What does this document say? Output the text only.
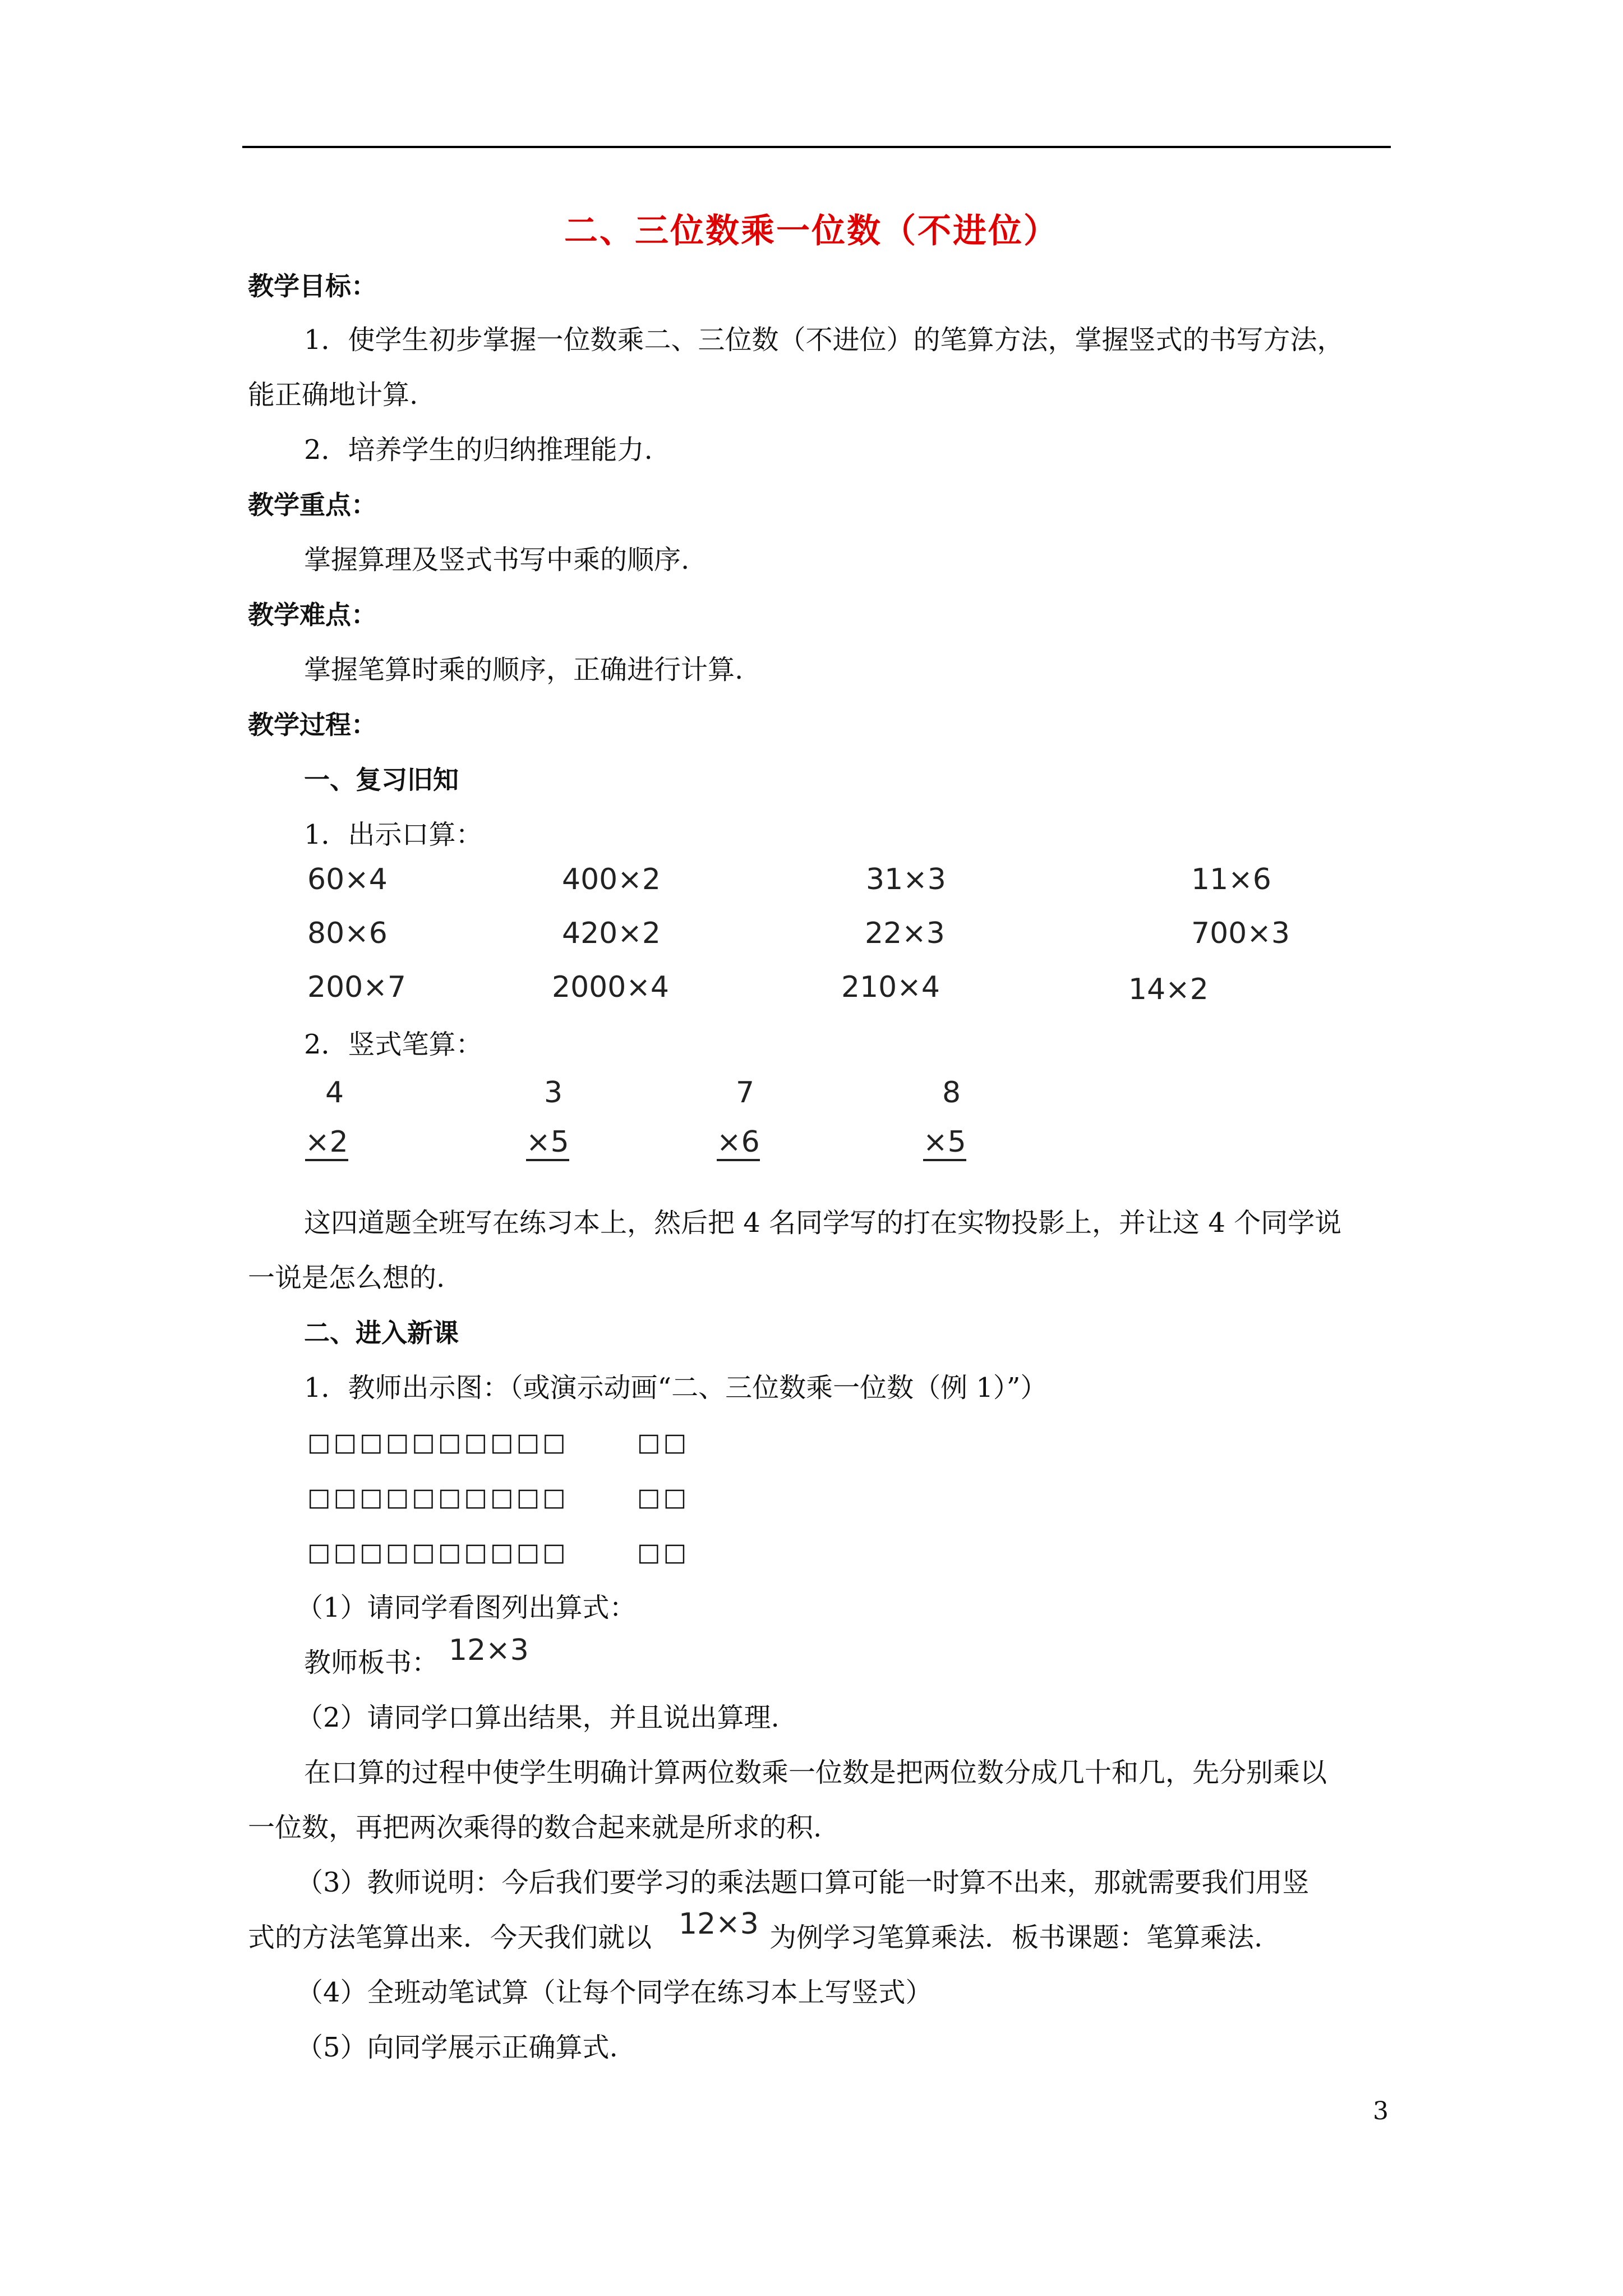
二、三位数乘一位数（不进位）
教学目标：
1．使学生初步掌握一位数乘二、三位数（不进位）的笔算方法，掌握竖式的书写方法，
能正确地计算.
2．培养学生的归纳推理能力.
教学重点：
掌握算理及竖式书写中乘的顺序.
教学难点：
掌握笔算时乘的顺序，正确进行计算.
教学过程：
一、复习旧知
1．出示口算：
60×4	400×2	31×3	11×6
80×6	420×2	22×3	700×3
200×7	2000×4	210×4	14×2
2．竖式笔算：
4
×2
3
×5
7
×6
8
×5
这四道题全班写在练习本上，然后把 4 名同学写的打在实物投影上，并让这 4 个同学说
一说是怎么想的.
二、进入新课
1．教师出示图：（或演示动画“二、三位数乘一位数（例 1）”）
□□□□□□□□□□	□□
□□□□□□□□□□	□□
□□□□□□□□□□	□□
（1）请同学看图列出算式：
教师板书： 12×3
（2）请同学口算出结果，并且说出算理.
在口算的过程中使学生明确计算两位数乘一位数是把两位数分成几十和几，先分别乘以
一位数，再把两次乘得的数合起来就是所求的积.
（3）教师说明：今后我们要学习的乘法题口算可能一时算不出来，那就需要我们用竖
式的方法笔算出来．今天我们就以 12×3 为例学习笔算乘法．板书课题：笔算乘法.
（4）全班动笔试算（让每个同学在练习本上写竖式）
（5）向同学展示正确算式.
3
